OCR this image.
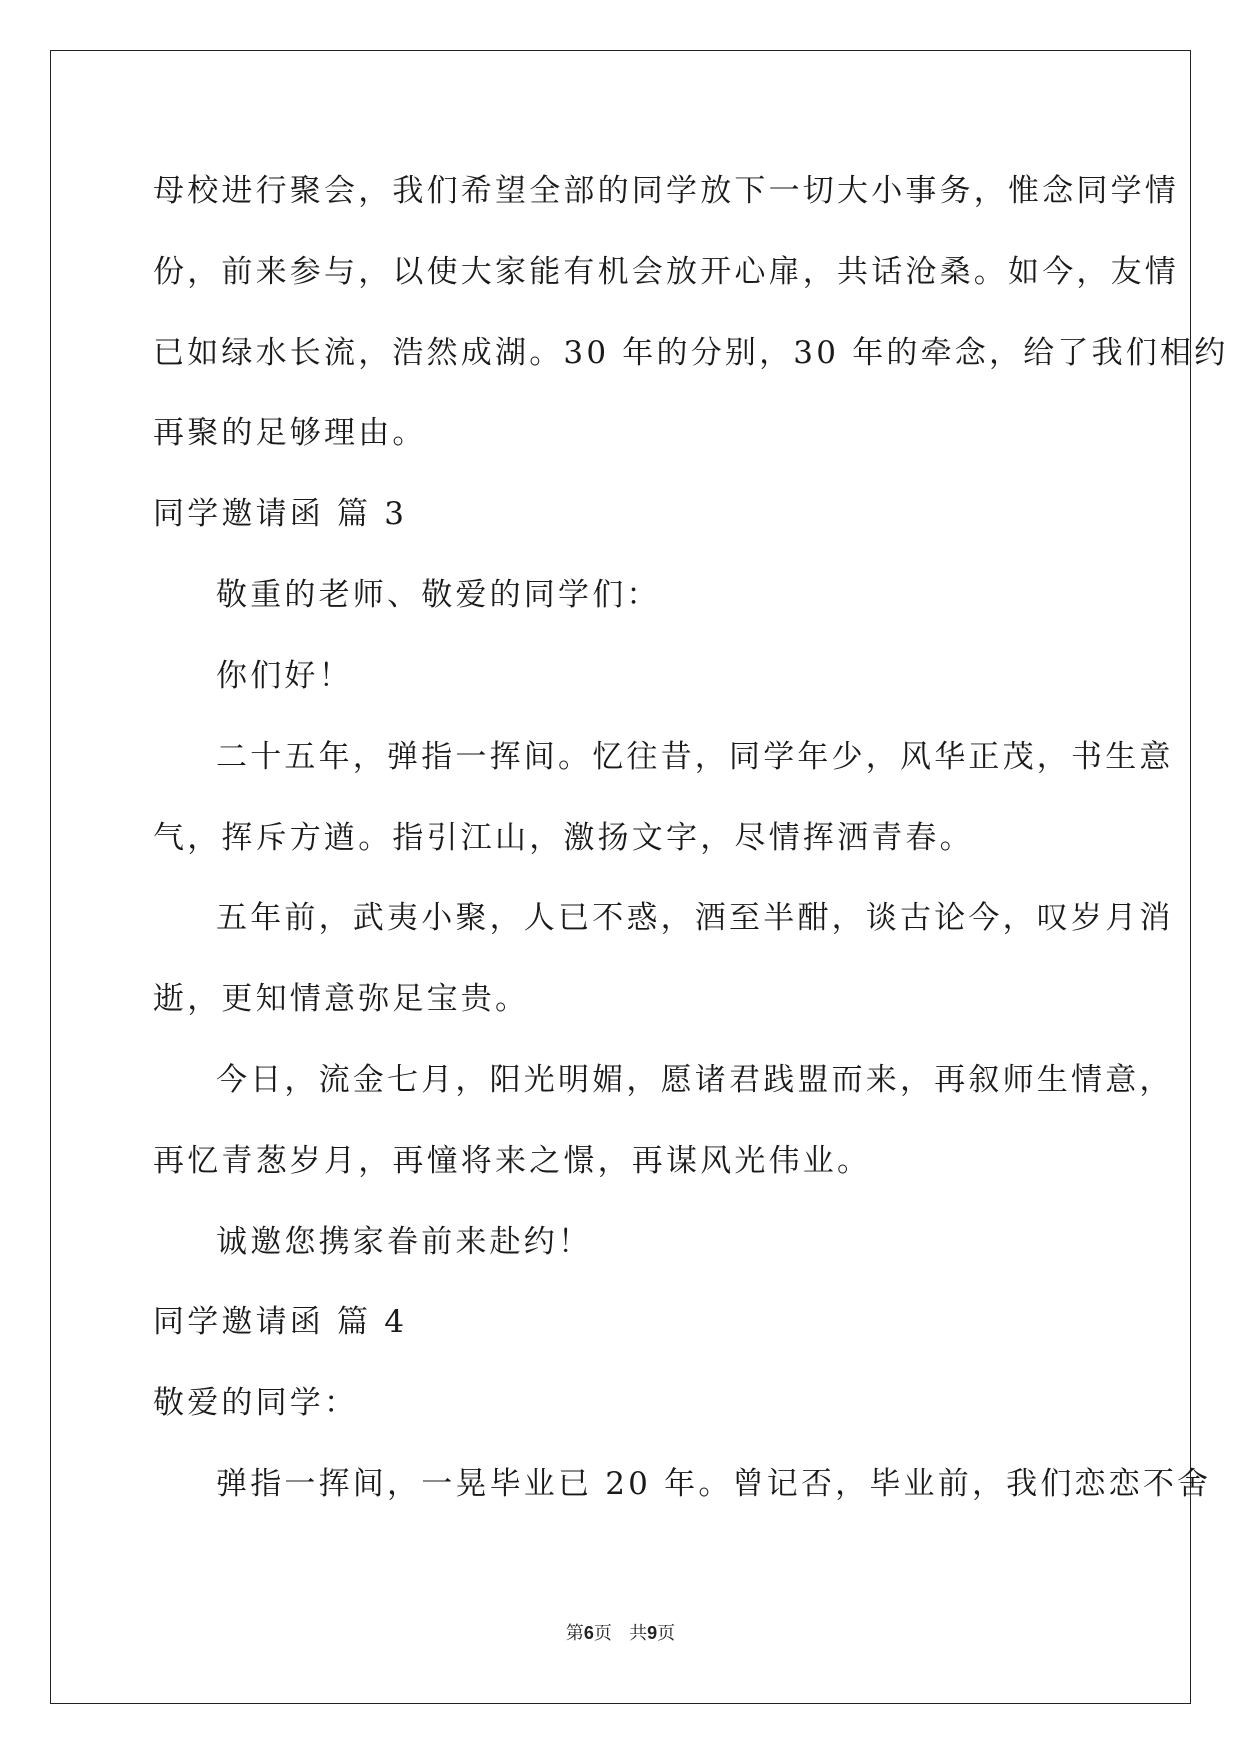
母校进行聚会，我们希望全部的同学放下一切大小事务，惟念同学情
份，前来参与，以使大家能有机会放开心扉，共话沧桑。如今，友情
已如绿水长流，浩然成湖。30 年的分别，30 年的牵念，给了我们相约
再聚的足够理由。
同学邀请函 篇 3
敬重的老师、敬爱的同学们：
你们好！
二十五年，弹指一挥间。忆往昔，同学年少，风华正茂，书生意
气，挥斥方遒。指引江山，激扬文字，尽情挥洒青春。
五年前，武夷小聚，人已不惑，酒至半酣，谈古论今，叹岁月消
逝，更知情意弥足宝贵。
今日，流金七月，阳光明媚，愿诸君践盟而来，再叙师生情意，
再忆青葱岁月，再憧将来之憬，再谋风光伟业。
诚邀您携家眷前来赴约！
同学邀请函 篇 4
敬爱的同学：
弹指一挥间，一晃毕业已 20 年。曾记否，毕业前，我们恋恋不舍
第6页 共9页
